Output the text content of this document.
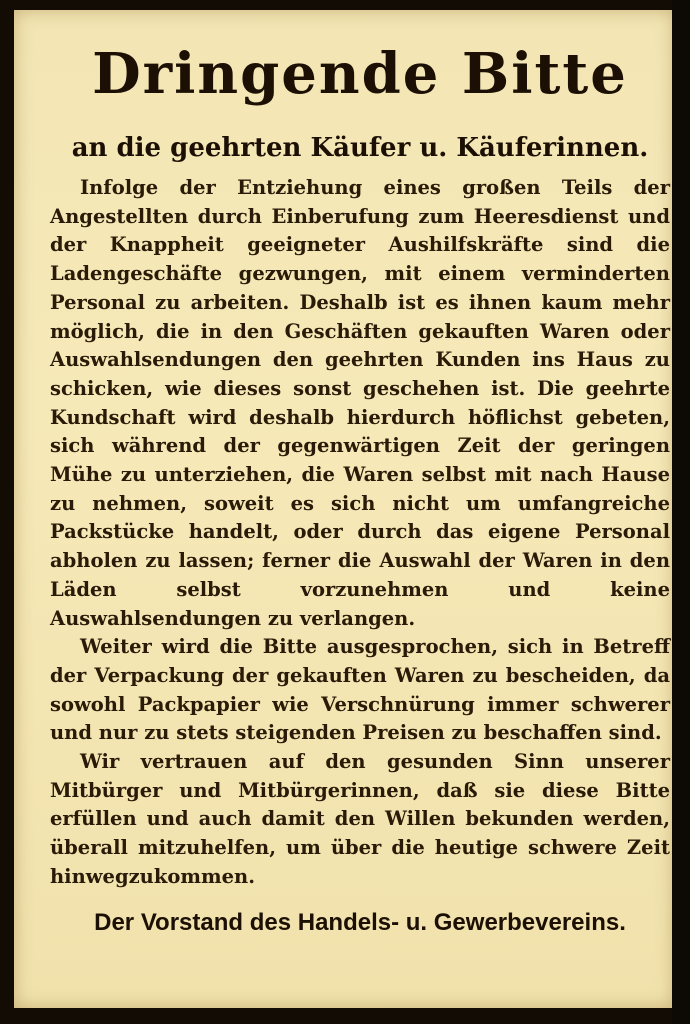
Dringende Bitte
an die geehrten Käufer u. Käuferinnen.

Infolge der Entziehung eines großen Teils der Angestellten durch Einberufung zum Heeresdienst und der Knappheit geeigneter Aushilfskräfte sind die Ladengeschäfte gezwungen, mit einem verminderten Personal zu arbeiten. Deshalb ist es ihnen kaum mehr möglich, die in den Geschäften gekauften Waren oder Auswahlsendungen den geehrten Kunden ins Haus zu schicken, wie dieses sonst geschehen ist. Die geehrte Kundschaft wird deshalb hierdurch höflichst gebeten, sich während der gegenwärtigen Zeit der geringen Mühe zu unterziehen, die Waren selbst mit nach Hause zu nehmen, soweit es sich nicht um umfangreiche Packstücke handelt, oder durch das eigene Personal abholen zu lassen; ferner die Auswahl der Waren in den Läden selbst vorzunehmen und keine Auswahlsendungen zu verlangen.

Weiter wird die Bitte ausgesprochen, sich in Betreff der Verpackung der gekauften Waren zu bescheiden, da sowohl Packpapier wie Verschnürung immer schwerer und nur zu stets steigenden Preisen zu beschaffen sind.

Wir vertrauen auf den gesunden Sinn unserer Mitbürger und Mitbürgerinnen, daß sie diese Bitte erfüllen und auch damit den Willen bekunden werden, überall mitzuhelfen, um über die heutige schwere Zeit hinwegzukommen.

Der Vorstand des Handels- u. Gewerbevereins.
